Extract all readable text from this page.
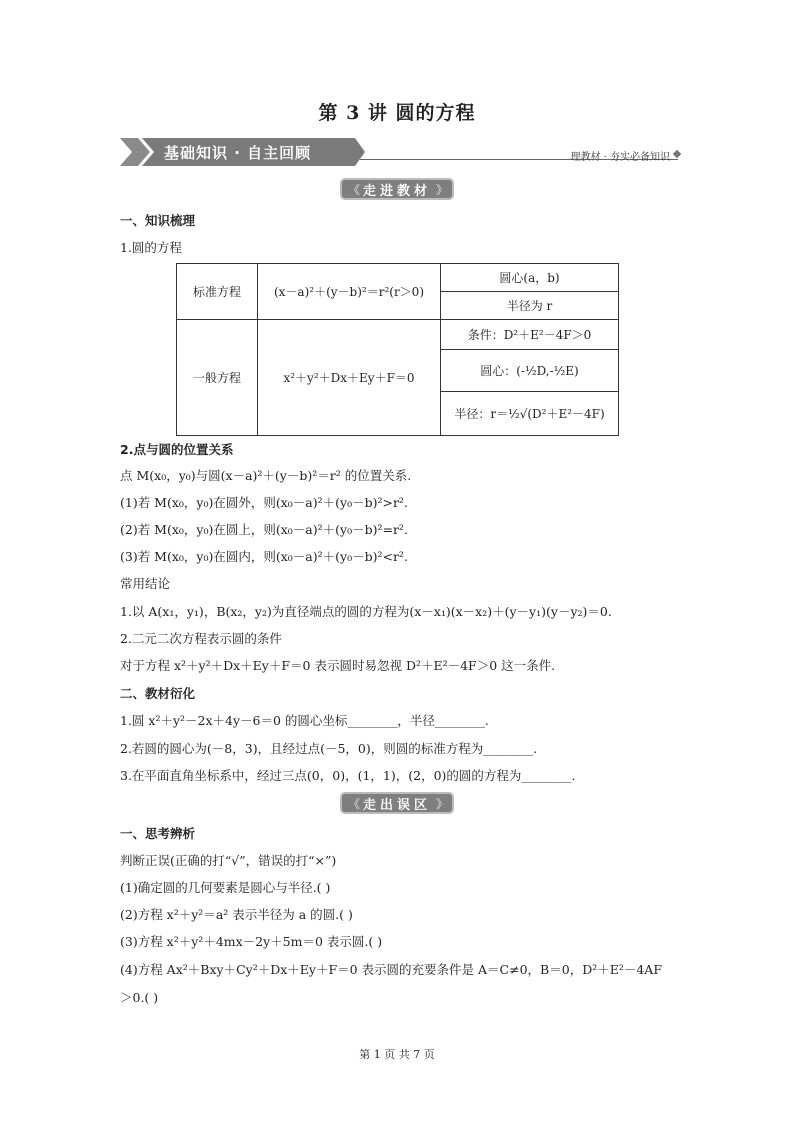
第 3 讲 圆的方程
基础知识 · 自主回顾	理教材 · 夯实必备知识
《	》
走进教材
一、知识梳理
1.圆的方程
标准方程	(x－a)²＋(y－b)²＝r²(r＞0)	圆心(a，b)
		半径为 r
一般方程	x²＋y²＋Dx＋Ey＋F＝0	条件：D²＋E²－4F＞0
		圆心：(-½D,-½E)
		半径：r＝½√(D²＋E²－4F)
2.点与圆的位置关系
点 M(x₀，y₀)与圆(x－a)²＋(y－b)²＝r² 的位置关系.
(1)若 M(x₀，y₀)在圆外，则(x₀－a)²＋(y₀－b)²>r².
(2)若 M(x₀，y₀)在圆上，则(x₀－a)²＋(y₀－b)²=r².
(3)若 M(x₀，y₀)在圆内，则(x₀－a)²＋(y₀－b)²<r².
常用结论
1.以 A(x₁，y₁)，B(x₂，y₂)为直径端点的圆的方程为(x－x₁)(x－x₂)＋(y－y₁)(y－y₂)＝0.
2.二元二次方程表示圆的条件
对于方程 x²＋y²＋Dx＋Ey＋F＝0 表示圆时易忽视 D²＋E²－4F＞0 这一条件.
二、教材衍化
1.圆 x²＋y²－2x＋4y－6＝0 的圆心坐标________，半径________.
2.若圆的圆心为(－8，3)，且经过点(－5，0)，则圆的标准方程为________.
3.在平面直角坐标系中，经过三点(0，0)，(1，1)，(2，0)的圆的方程为________.
《	》
走出误区
一、思考辨析
判断正误(正确的打“√”，错误的打“×”)
(1)确定圆的几何要素是圆心与半径.( )
(2)方程 x²＋y²＝a² 表示半径为 a 的圆.( )
(3)方程 x²＋y²＋4mx－2y＋5m＝0 表示圆.( )
(4)方程 Ax²＋Bxy＋Cy²＋Dx＋Ey＋F＝0 表示圆的充要条件是 A＝C≠0，B＝0，D²＋E²－4AF
＞0.( )
第 1 页 共 7 页
